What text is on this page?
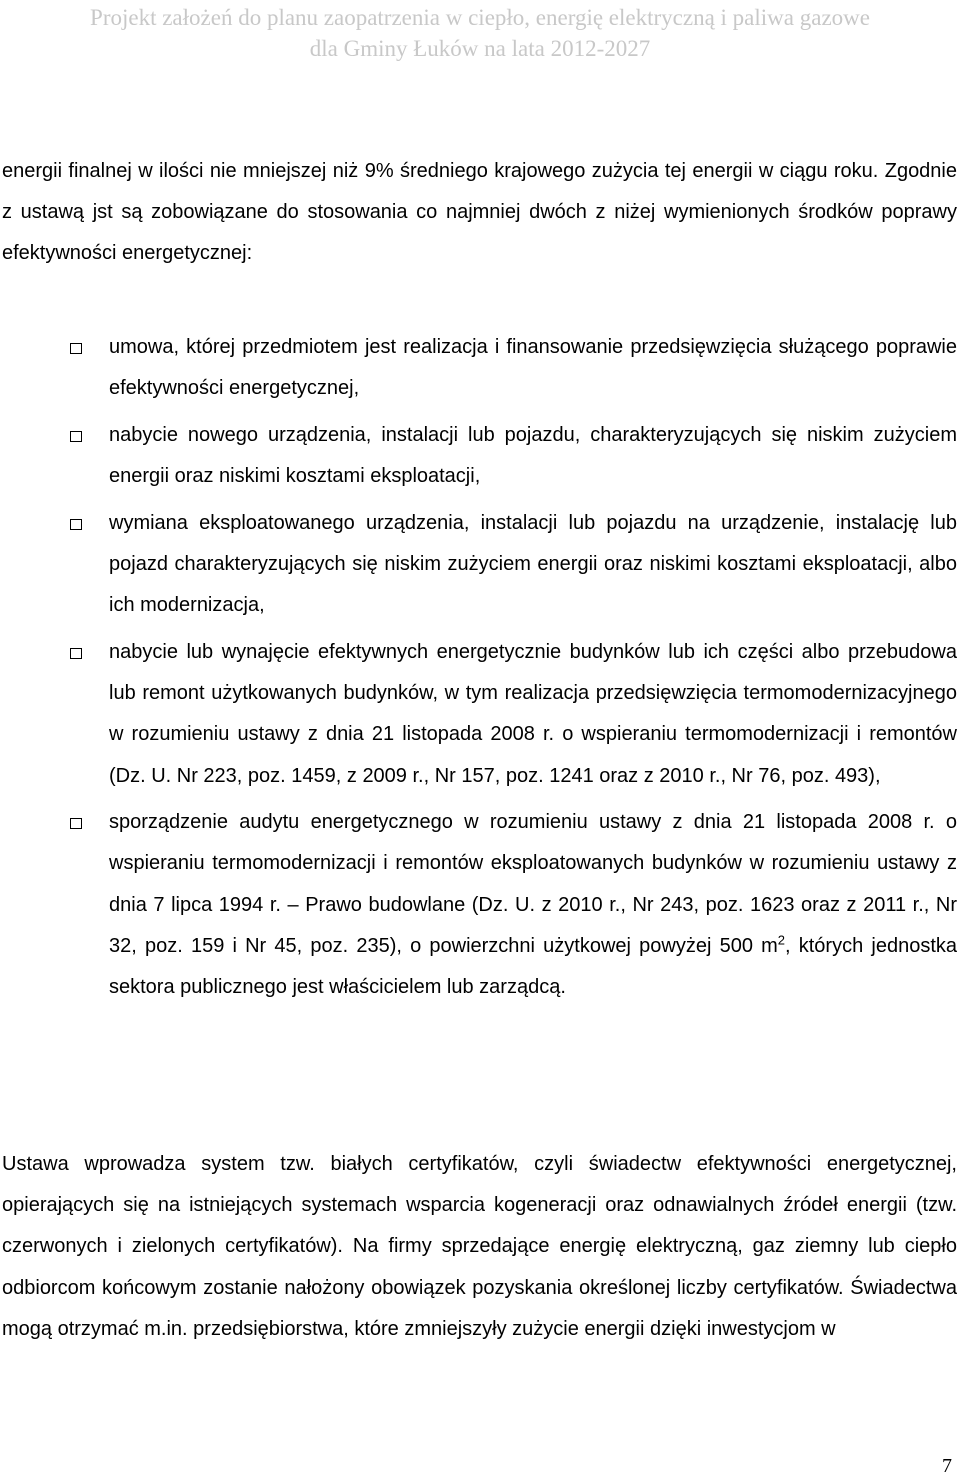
Projekt założeń do planu zaopatrzenia w ciepło, energię elektryczną i paliwa gazowe
dla Gminy Łuków na lata 2012-2027

energii finalnej w ilości nie mniejszej niż 9% średniego krajowego zużycia tej energii w ciągu roku. Zgodnie z ustawą jst są zobowiązane do stosowania co najmniej dwóch z niżej wymienionych środków poprawy efektywności energetycznej:

umowa, której przedmiotem jest realizacja i finansowanie przedsięwzięcia służącego poprawie efektywności energetycznej,
nabycie nowego urządzenia, instalacji lub pojazdu, charakteryzujących się niskim zużyciem energii oraz niskimi kosztami eksploatacji,
wymiana eksploatowanego urządzenia, instalacji lub pojazdu na urządzenie, instalację lub pojazd charakteryzujących się niskim zużyciem energii oraz niskimi kosztami eksploatacji, albo ich modernizacja,
nabycie lub wynajęcie efektywnych energetycznie budynków lub ich części albo przebudowa lub remont użytkowanych budynków, w tym realizacja przedsięwzięcia termomodernizacyjnego w rozumieniu ustawy z dnia 21 listopada 2008 r. o wspieraniu termomodernizacji i remontów (Dz. U. Nr 223, poz. 1459, z 2009 r., Nr 157, poz. 1241 oraz z 2010 r., Nr 76, poz. 493),
sporządzenie audytu energetycznego w rozumieniu ustawy z dnia 21 listopada 2008 r. o wspieraniu termomodernizacji i remontów eksploatowanych budynków w rozumieniu ustawy z dnia 7 lipca 1994 r. – Prawo budowlane (Dz. U. z 2010 r., Nr 243, poz. 1623 oraz z 2011 r., Nr 32, poz. 159 i Nr 45, poz. 235), o powierzchni użytkowej powyżej 500 $m^2$, których jednostka sektora publicznego jest właścicielem lub zarządcą.

Ustawa wprowadza system tzw. białych certyfikatów, czyli świadectw efektywności energetycznej, opierających się na istniejących systemach wsparcia kogeneracji oraz odnawialnych źródeł energii (tzw. czerwonych i zielonych certyfikatów). Na firmy sprzedające energię elektryczną, gaz ziemny lub ciepło odbiorcom końcowym zostanie nałożony obowiązek pozyskania określonej liczby certyfikatów. Świadectwa mogą otrzymać m.in. przedsiębiorstwa, które zmniejszyły zużycie energii dzięki inwestycjom w

7
